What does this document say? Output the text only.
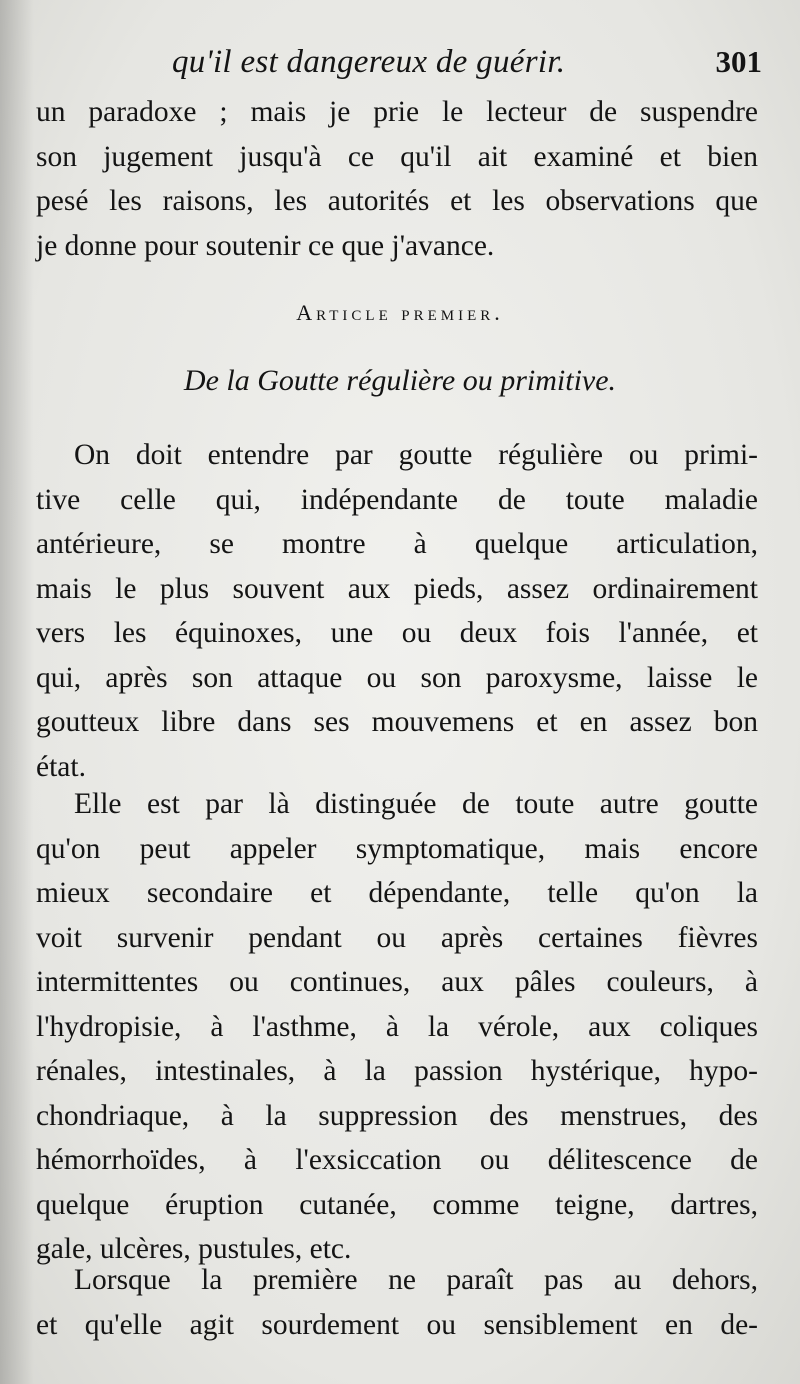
qu'il est dangereux de guérir.	301
un paradoxe ; mais je prie le lecteur de suspendre
son jugement jusqu'à ce qu'il ait examiné et bien
pesé les raisons, les autorités et les observations que
je donne pour soutenir ce que j'avance.
Article premier.
De la Goutte régulière ou primitive.
On doit entendre par goutte régulière ou primi-
tive celle qui, indépendante de toute maladie
antérieure, se montre à quelque articulation,
mais le plus souvent aux pieds, assez ordinairement
vers les équinoxes, une ou deux fois l'année, et
qui, après son attaque ou son paroxysme, laisse le
goutteux libre dans ses mouvemens et en assez bon
état.
Elle est par là distinguée de toute autre goutte
qu'on peut appeler symptomatique, mais encore
mieux secondaire et dépendante, telle qu'on la
voit survenir pendant ou après certaines fièvres
intermittentes ou continues, aux pâles couleurs, à
l'hydropisie, à l'asthme, à la vérole, aux coliques
rénales, intestinales, à la passion hystérique, hypo-
chondriaque, à la suppression des menstrues, des
hémorrhoïdes, à l'exsiccation ou délitescence de
quelque éruption cutanée, comme teigne, dartres,
gale, ulcères, pustules, etc.
Lorsque la première ne paraît pas au dehors,
et qu'elle agit sourdement ou sensiblement en de-
